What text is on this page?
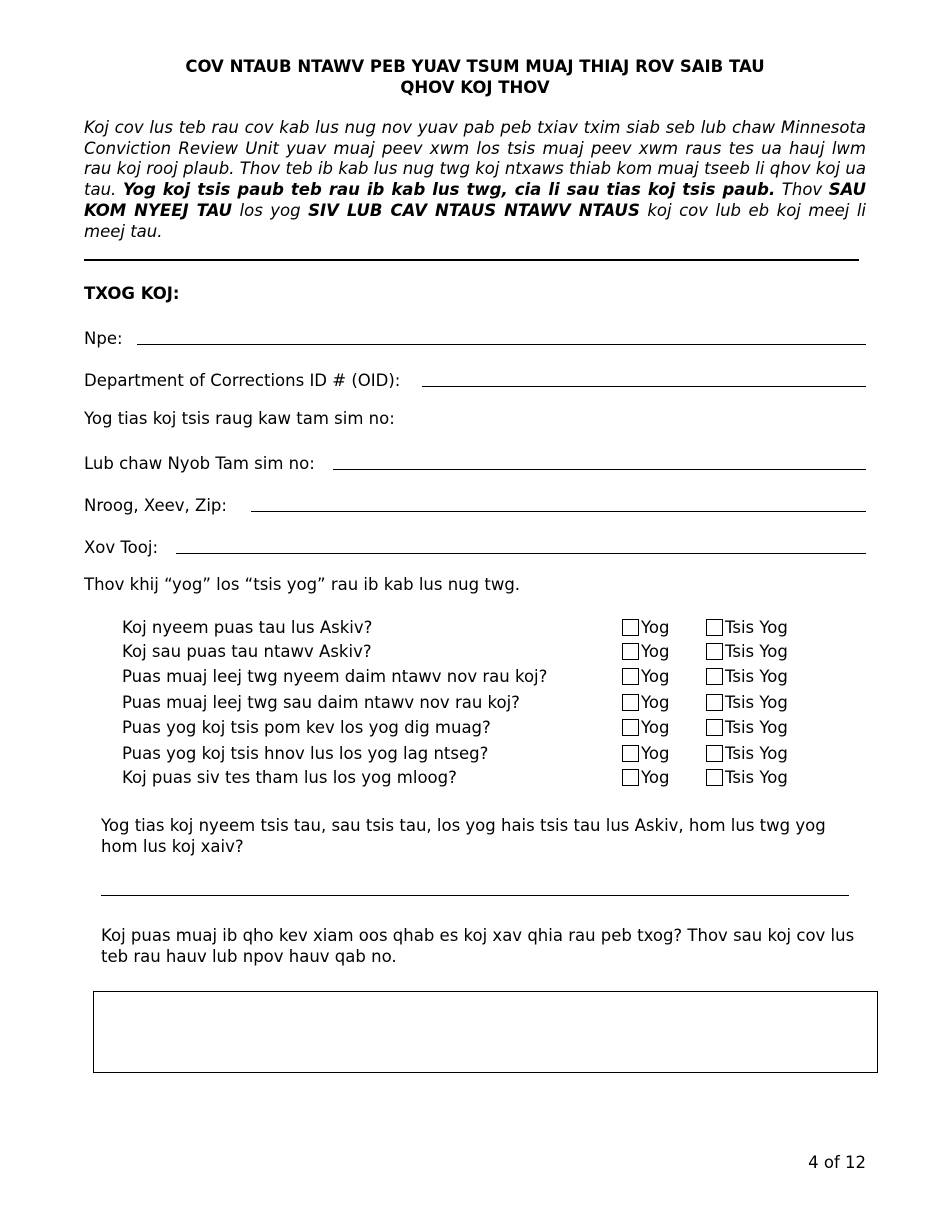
COV NTAUB NTAWV PEB YUAV TSUM MUAJ THIAJ ROV SAIB TAU
QHOV KOJ THOV
Koj cov lus teb rau cov kab lus nug nov yuav pab peb txiav txim siab seb lub chaw Minnesota Conviction Review Unit yuav muaj peev xwm los tsis muaj peev xwm raus tes ua hauj lwm rau koj rooj plaub. Thov teb ib kab lus nug twg koj ntxaws thiab kom muaj tseeb li qhov koj ua tau. Yog koj tsis paub teb rau ib kab lus twg, cia li sau tias koj tsis paub. Thov SAU KOM NYEEJ TAU los yog SIV LUB CAV NTAUS NTAWV NTAUS koj cov lub eb koj meej li meej tau.
TXOG KOJ:
Npe:
Department of Corrections ID # (OID):
Yog tias koj tsis raug kaw tam sim no:
Lub chaw Nyob Tam sim no:
Nroog, Xeev, Zip:
Xov Tooj:
Thov khij “yog” los “tsis yog” rau ib kab lus nug twg.
Koj nyeem puas tau lus Askiv?	Yog	Tsis Yog
Koj sau puas tau ntawv Askiv?	Yog	Tsis Yog
Puas muaj leej twg nyeem daim ntawv nov rau koj?	Yog	Tsis Yog
Puas muaj leej twg sau daim ntawv nov rau koj?	Yog	Tsis Yog
Puas yog koj tsis pom kev los yog dig muag?	Yog	Tsis Yog
Puas yog koj tsis hnov lus los yog lag ntseg?	Yog	Tsis Yog
Koj puas siv tes tham lus los yog mloog?	Yog	Tsis Yog
Yog tias koj nyeem tsis tau, sau tsis tau, los yog hais tsis tau lus Askiv, hom lus twg yog hom lus koj xaiv?
Koj puas muaj ib qho kev xiam oos qhab es koj xav qhia rau peb txog? Thov sau koj cov lus teb rau hauv lub npov hauv qab no.
4 of 12
